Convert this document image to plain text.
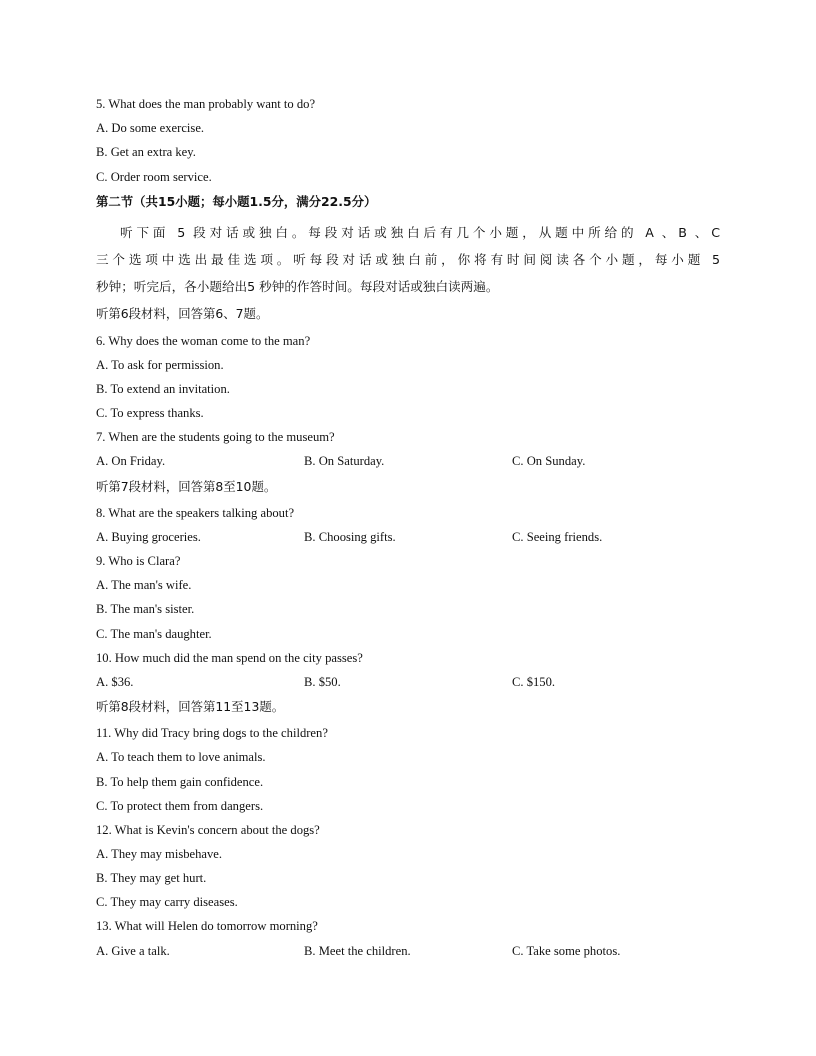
5. What does the man probably want to do?
A. Do some exercise.
B. Get an extra key.
C. Order room service.
第二节（共15小题；每小题1.5分，满分22.5分）
听下面 5 段对话或独白。每段对话或独白后有几个小题，从题中所给的 A 、B 、C
三个选项中选出最佳选项。听每段对话或独白前，你将有时间阅读各个小题，每小题 5
秒钟；听完后，各小题给出5 秒钟的作答时间。每段对话或独白读两遍。
听第6段材料，回答第6、7题。
6. Why does the woman come to the man?
A. To ask for permission.
B. To extend an invitation.
C. To express thanks.
7. When are the students going to the museum?
A. On Friday.	B. On Saturday.	C. On Sunday.
听第7段材料，回答第8至10题。
8. What are the speakers talking about?
A. Buying groceries.	B. Choosing gifts.	C. Seeing friends.
9. Who is Clara?
A. The man's wife.
B. The man's sister.
C. The man's daughter.
10. How much did the man spend on the city passes?
A. $36.	B. $50.	C. $150.
听第8段材料，回答第11至13题。
11. Why did Tracy bring dogs to the children?
A. To teach them to love animals.
B. To help them gain confidence.
C. To protect them from dangers.
12. What is Kevin's concern about the dogs?
A. They may misbehave.
B. They may get hurt.
C. They may carry diseases.
13. What will Helen do tomorrow morning?
A. Give a talk.	B. Meet the children.	C. Take some photos.
